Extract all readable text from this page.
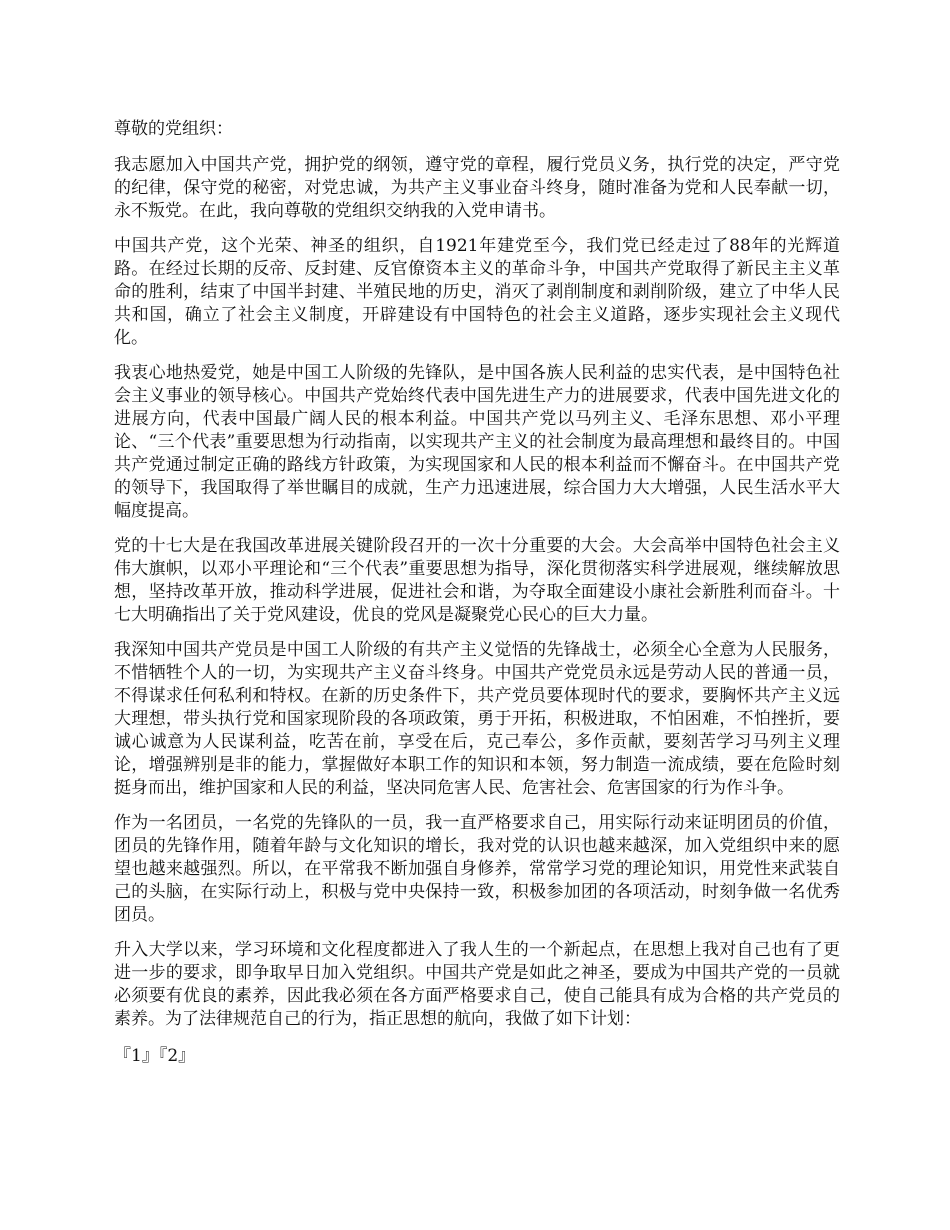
尊敬的党组织：

我志愿加入中国共产党，拥护党的纲领，遵守党的章程，履行党员义务，执行党的决定，严守党的纪律，保守党的秘密，对党忠诚，为共产主义事业奋斗终身，随时准备为党和人民奉献一切，永不叛党。在此，我向尊敬的党组织交纳我的入党申请书。

中国共产党，这个光荣、神圣的组织，自1921年建党至今，我们党已经走过了88年的光辉道路。在经过长期的反帝、反封建、反官僚资本主义的革命斗争，中国共产党取得了新民主主义革命的胜利，结束了中国半封建、半殖民地的历史，消灭了剥削制度和剥削阶级，建立了中华人民共和国，确立了社会主义制度，开辟建设有中国特色的社会主义道路，逐步实现社会主义现代化。

我衷心地热爱党，她是中国工人阶级的先锋队，是中国各族人民利益的忠实代表，是中国特色社会主义事业的领导核心。中国共产党始终代表中国先进生产力的进展要求，代表中国先进文化的进展方向，代表中国最广阔人民的根本利益。中国共产党以马列主义、毛泽东思想、邓小平理论、“三个代表”重要思想为行动指南，以实现共产主义的社会制度为最高理想和最终目的。中国共产党通过制定正确的路线方针政策，为实现国家和人民的根本利益而不懈奋斗。在中国共产党的领导下，我国取得了举世瞩目的成就，生产力迅速进展，综合国力大大增强，人民生活水平大幅度提高。

党的十七大是在我国改革进展关键阶段召开的一次十分重要的大会。大会高举中国特色社会主义伟大旗帜，以邓小平理论和“三个代表”重要思想为指导，深化贯彻落实科学进展观，继续解放思想，坚持改革开放，推动科学进展，促进社会和谐，为夺取全面建设小康社会新胜利而奋斗。十七大明确指出了关于党风建设，优良的党风是凝聚党心民心的巨大力量。

我深知中国共产党员是中国工人阶级的有共产主义觉悟的先锋战士，必须全心全意为人民服务，不惜牺牲个人的一切，为实现共产主义奋斗终身。中国共产党党员永远是劳动人民的普通一员，不得谋求任何私利和特权。在新的历史条件下，共产党员要体现时代的要求，要胸怀共产主义远大理想，带头执行党和国家现阶段的各项政策，勇于开拓，积极进取，不怕困难，不怕挫折，要诚心诚意为人民谋利益，吃苦在前，享受在后，克己奉公，多作贡献，要刻苦学习马列主义理论，增强辨别是非的能力，掌握做好本职工作的知识和本领，努力制造一流成绩，要在危险时刻挺身而出，维护国家和人民的利益，坚决同危害人民、危害社会、危害国家的行为作斗争。

作为一名团员，一名党的先锋队的一员，我一直严格要求自己，用实际行动来证明团员的价值，团员的先锋作用，随着年龄与文化知识的增长，我对党的认识也越来越深，加入党组织中来的愿望也越来越强烈。所以，在平常我不断加强自身修养，常常学习党的理论知识，用党性来武装自己的头脑，在实际行动上，积极与党中央保持一致，积极参加团的各项活动，时刻争做一名优秀团员。

升入大学以来，学习环境和文化程度都进入了我人生的一个新起点，在思想上我对自己也有了更进一步的要求，即争取早日加入党组织。中国共产党是如此之神圣，要成为中国共产党的一员就必须要有优良的素养，因此我必须在各方面严格要求自己，使自己能具有成为合格的共产党员的素养。为了法律规范自己的行为，指正思想的航向，我做了如下计划：

『1』『2』
